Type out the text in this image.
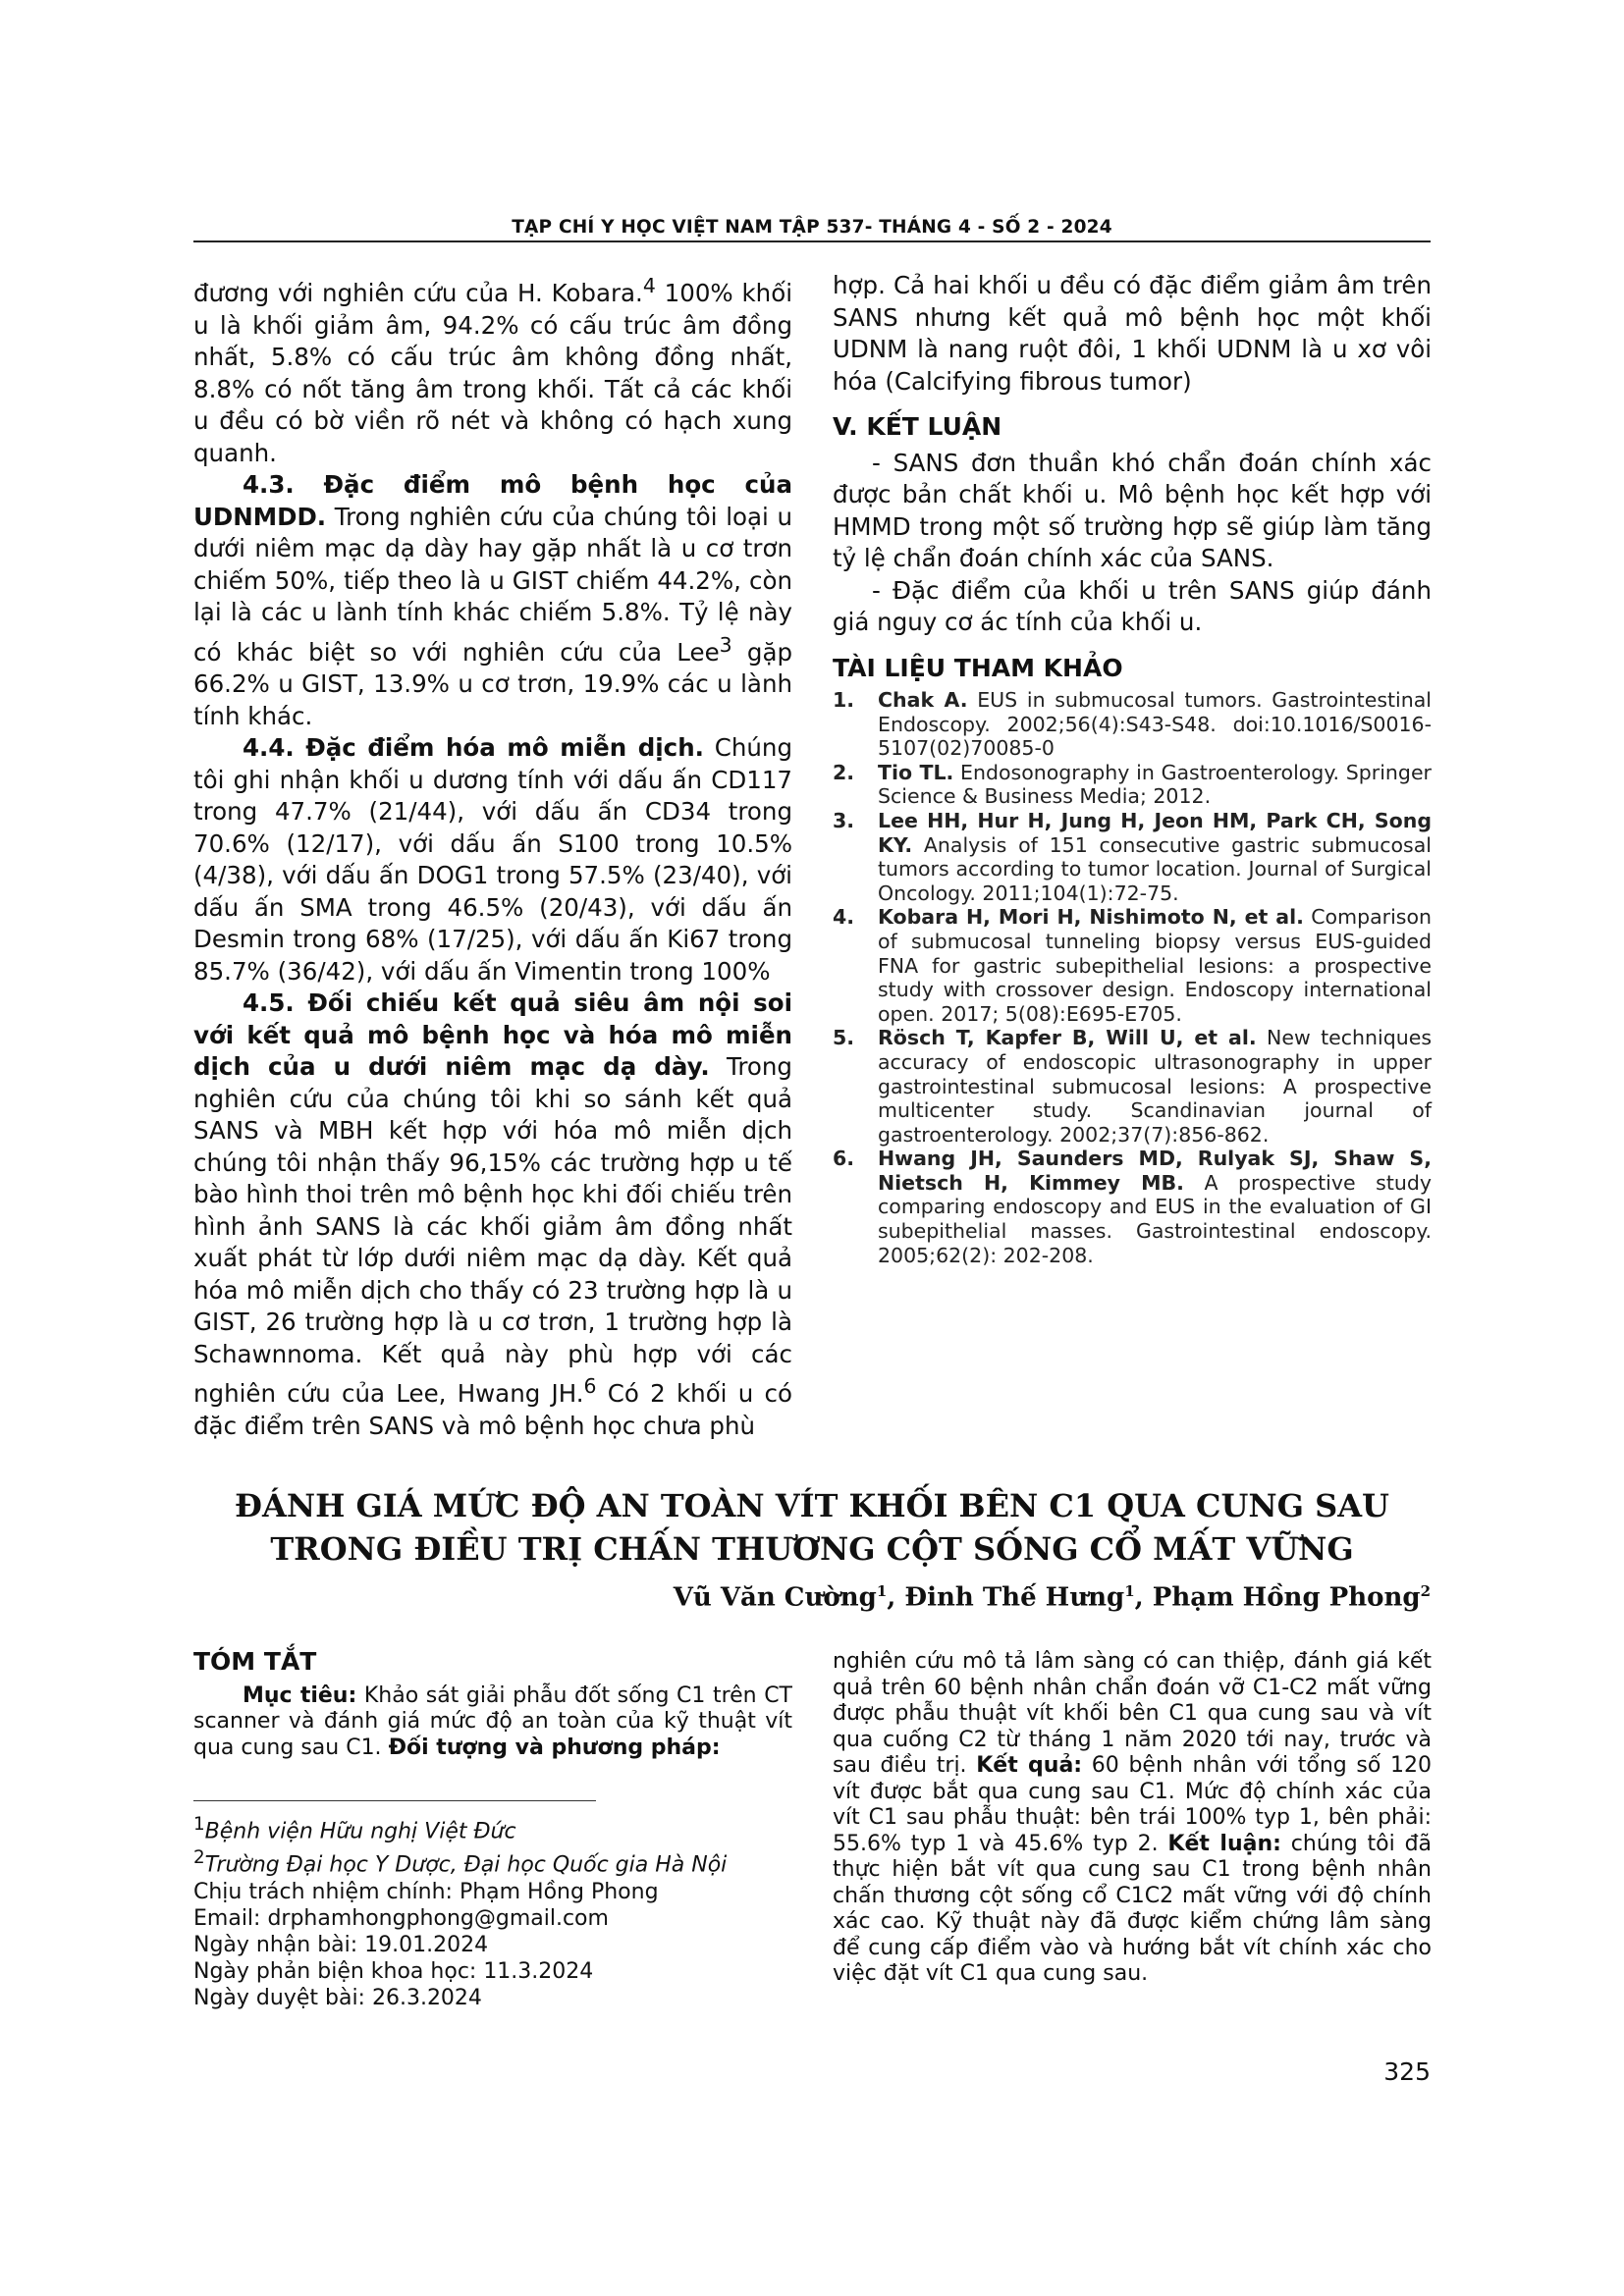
TẠP CHÍ Y HỌC VIỆT NAM TẬP 537- THÁNG 4 - SỐ 2 - 2024

đương với nghiên cứu của H. Kobara.$^4$ 100% khối u là khối giảm âm, 94.2% có cấu trúc âm đồng nhất, 5.8% có cấu trúc âm không đồng nhất, 8.8% có nốt tăng âm trong khối. Tất cả các khối u đều có bờ viền rõ nét và không có hạch xung quanh.

4.3. Đặc điểm mô bệnh học của UDNMDD. Trong nghiên cứu của chúng tôi loại u dưới niêm mạc dạ dày hay gặp nhất là u cơ trơn chiếm 50%, tiếp theo là u GIST chiếm 44.2%, còn lại là các u lành tính khác chiếm 5.8%. Tỷ lệ này có khác biệt so với nghiên cứu của Lee$^3$ gặp 66.2% u GIST, 13.9% u cơ trơn, 19.9% các u lành tính khác.

4.4. Đặc điểm hóa mô miễn dịch. Chúng tôi ghi nhận khối u dương tính với dấu ấn CD117 trong 47.7% (21/44), với dấu ấn CD34 trong 70.6% (12/17), với dấu ấn S100 trong 10.5% (4/38), với dấu ấn DOG1 trong 57.5% (23/40), với dấu ấn SMA trong 46.5% (20/43), với dấu ấn Desmin trong 68% (17/25), với dấu ấn Ki67 trong 85.7% (36/42), với dấu ấn Vimentin trong 100%

4.5. Đối chiếu kết quả siêu âm nội soi với kết quả mô bệnh học và hóa mô miễn dịch của u dưới niêm mạc dạ dày. Trong nghiên cứu của chúng tôi khi so sánh kết quả SANS và MBH kết hợp với hóa mô miễn dịch chúng tôi nhận thấy 96,15% các trường hợp u tế bào hình thoi trên mô bệnh học khi đối chiếu trên hình ảnh SANS là các khối giảm âm đồng nhất xuất phát từ lớp dưới niêm mạc dạ dày. Kết quả hóa mô miễn dịch cho thấy có 23 trường hợp là u GIST, 26 trường hợp là u cơ trơn, 1 trường hợp là Schawnnoma. Kết quả này phù hợp với các nghiên cứu của Lee, Hwang JH.$^6$ Có 2 khối u có đặc điểm trên SANS và mô bệnh học chưa phù

hợp. Cả hai khối u đều có đặc điểm giảm âm trên SANS nhưng kết quả mô bệnh học một khối UDNM là nang ruột đôi, 1 khối UDNM là u xơ vôi hóa (Calcifying fibrous tumor)

V. KẾT LUẬN

- SANS đơn thuần khó chẩn đoán chính xác được bản chất khối u. Mô bệnh học kết hợp với HMMD trong một số trường hợp sẽ giúp làm tăng tỷ lệ chẩn đoán chính xác của SANS.

- Đặc điểm của khối u trên SANS giúp đánh giá nguy cơ ác tính của khối u.

TÀI LIỆU THAM KHẢO

1.	Chak A. EUS in submucosal tumors. Gastrointestinal Endoscopy. 2002;56(4):S43-S48. doi:10.1016/S0016-5107(02)70085-0
2.	Tio TL. Endosonography in Gastroenterology. Springer Science & Business Media; 2012.
3.	Lee HH, Hur H, Jung H, Jeon HM, Park CH, Song KY. Analysis of 151 consecutive gastric submucosal tumors according to tumor location. Journal of Surgical Oncology. 2011;104(1):72-75.
4.	Kobara H, Mori H, Nishimoto N, et al. Comparison of submucosal tunneling biopsy versus EUS-guided FNA for gastric subepithelial lesions: a prospective study with crossover design. Endoscopy international open. 2017; 5(08):E695-E705.
5.	Rösch T, Kapfer B, Will U, et al. New techniques accuracy of endoscopic ultrasonography in upper gastrointestinal submucosal lesions: A prospective multicenter study. Scandinavian journal of gastroenterology. 2002;37(7):856-862.
6.	Hwang JH, Saunders MD, Rulyak SJ, Shaw S, Nietsch H, Kimmey MB. A prospective study comparing endoscopy and EUS in the evaluation of GI subepithelial masses. Gastrointestinal endoscopy. 2005;62(2): 202-208.
ĐÁNH GIÁ MỨC ĐỘ AN TOÀN VÍT KHỐI BÊN C1 QUA CUNG SAU
TRONG ĐIỀU TRỊ CHẤN THƯƠNG CỘT SỐNG CỔ MẤT VỮNG
Vũ Văn Cường$^1$, Đinh Thế Hưng$^1$, Phạm Hồng Phong$^2$

TÓM TẮT

Mục tiêu: Khảo sát giải phẫu đốt sống C1 trên CT scanner và đánh giá mức độ an toàn của kỹ thuật vít qua cung sau C1. Đối tượng và phương pháp:

$^1$Bệnh viện Hữu nghị Việt Đức
$^2$Trường Đại học Y Dược, Đại học Quốc gia Hà Nội
Chịu trách nhiệm chính: Phạm Hồng Phong
Email: drphamhongphong@gmail.com
Ngày nhận bài: 19.01.2024
Ngày phản biện khoa học: 11.3.2024
Ngày duyệt bài: 26.3.2024

nghiên cứu mô tả lâm sàng có can thiệp, đánh giá kết quả trên 60 bệnh nhân chẩn đoán vỡ C1-C2 mất vững được phẫu thuật vít khối bên C1 qua cung sau và vít qua cuống C2 từ tháng 1 năm 2020 tới nay, trước và sau điều trị. Kết quả: 60 bệnh nhân với tổng số 120 vít được bắt qua cung sau C1. Mức độ chính xác của vít C1 sau phẫu thuật: bên trái 100% typ 1, bên phải: 55.6% typ 1 và 45.6% typ 2. Kết luận: chúng tôi đã thực hiện bắt vít qua cung sau C1 trong bệnh nhân chấn thương cột sống cổ C1C2 mất vững với độ chính xác cao. Kỹ thuật này đã được kiểm chứng lâm sàng để cung cấp điểm vào và hướng bắt vít chính xác cho việc đặt vít C1 qua cung sau.

325
